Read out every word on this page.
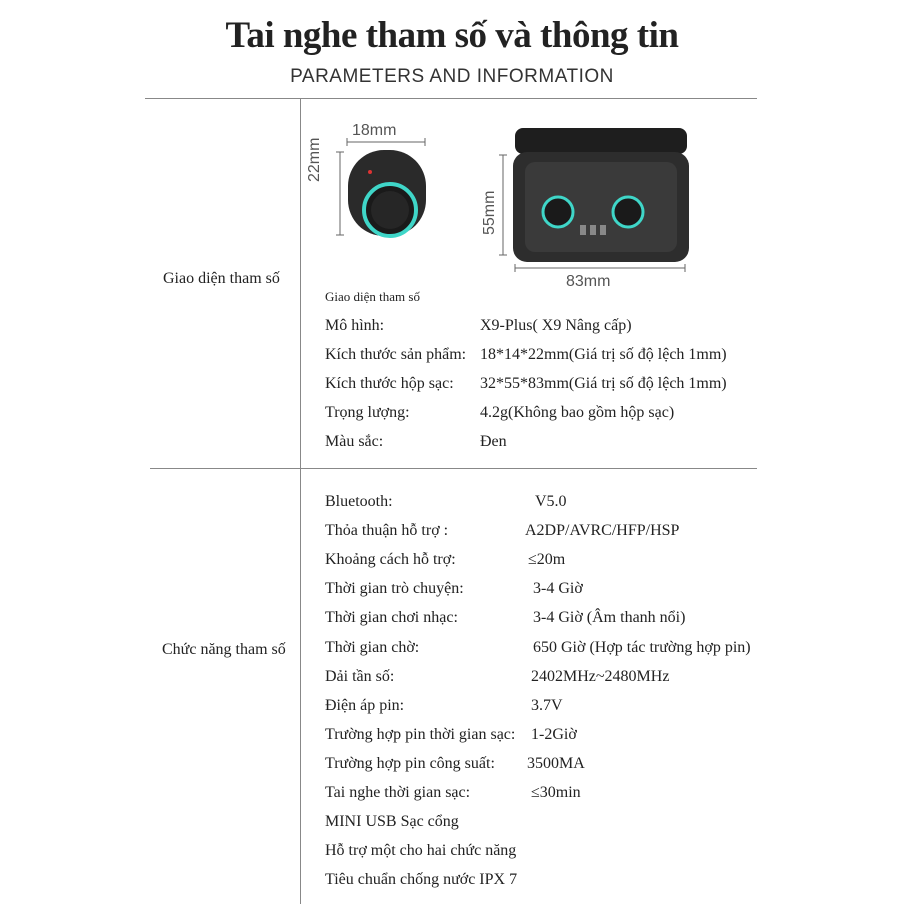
Tai nghe tham số và thông tin
PARAMETERS AND INFORMATION
Giao diện tham số
Chức năng tham số
18mm
22mm
55mm
83mm
Giao diện tham số
Mô hình:	X9-Plus( X9 Nâng cấp)
Kích thước sản phẩm: 18*14*22mm(Giá trị số độ lệch 1mm)
Kích thước hộp sạc: 32*55*83mm(Giá trị số độ lệch 1mm)
Trọng lượng:	4.2g(Không bao gồm hộp sạc)
Màu sắc:	Đen
Bluetooth:	V5.0
Thỏa thuận hỗ trợ :	A2DP/AVRC/HFP/HSP
Khoảng cách hỗ trợ:	≤20m
Thời gian trò chuyện:	3-4 Giờ
Thời gian chơi nhạc:	3-4 Giờ (Âm thanh nổi)
Thời gian chờ:	650 Giờ (Hợp tác trường hợp pin)
Dải tần số:	2402MHz~2480MHz
Điện áp pin:	3.7V
Trường hợp pin thời gian sạc: 1-2Giờ
Trường hợp pin công suất: 3500MA
Tai nghe thời gian sạc:	≤30min
MINI USB Sạc cổng
Hỗ trợ một cho hai chức năng
Tiêu chuẩn chống nước IPX 7
